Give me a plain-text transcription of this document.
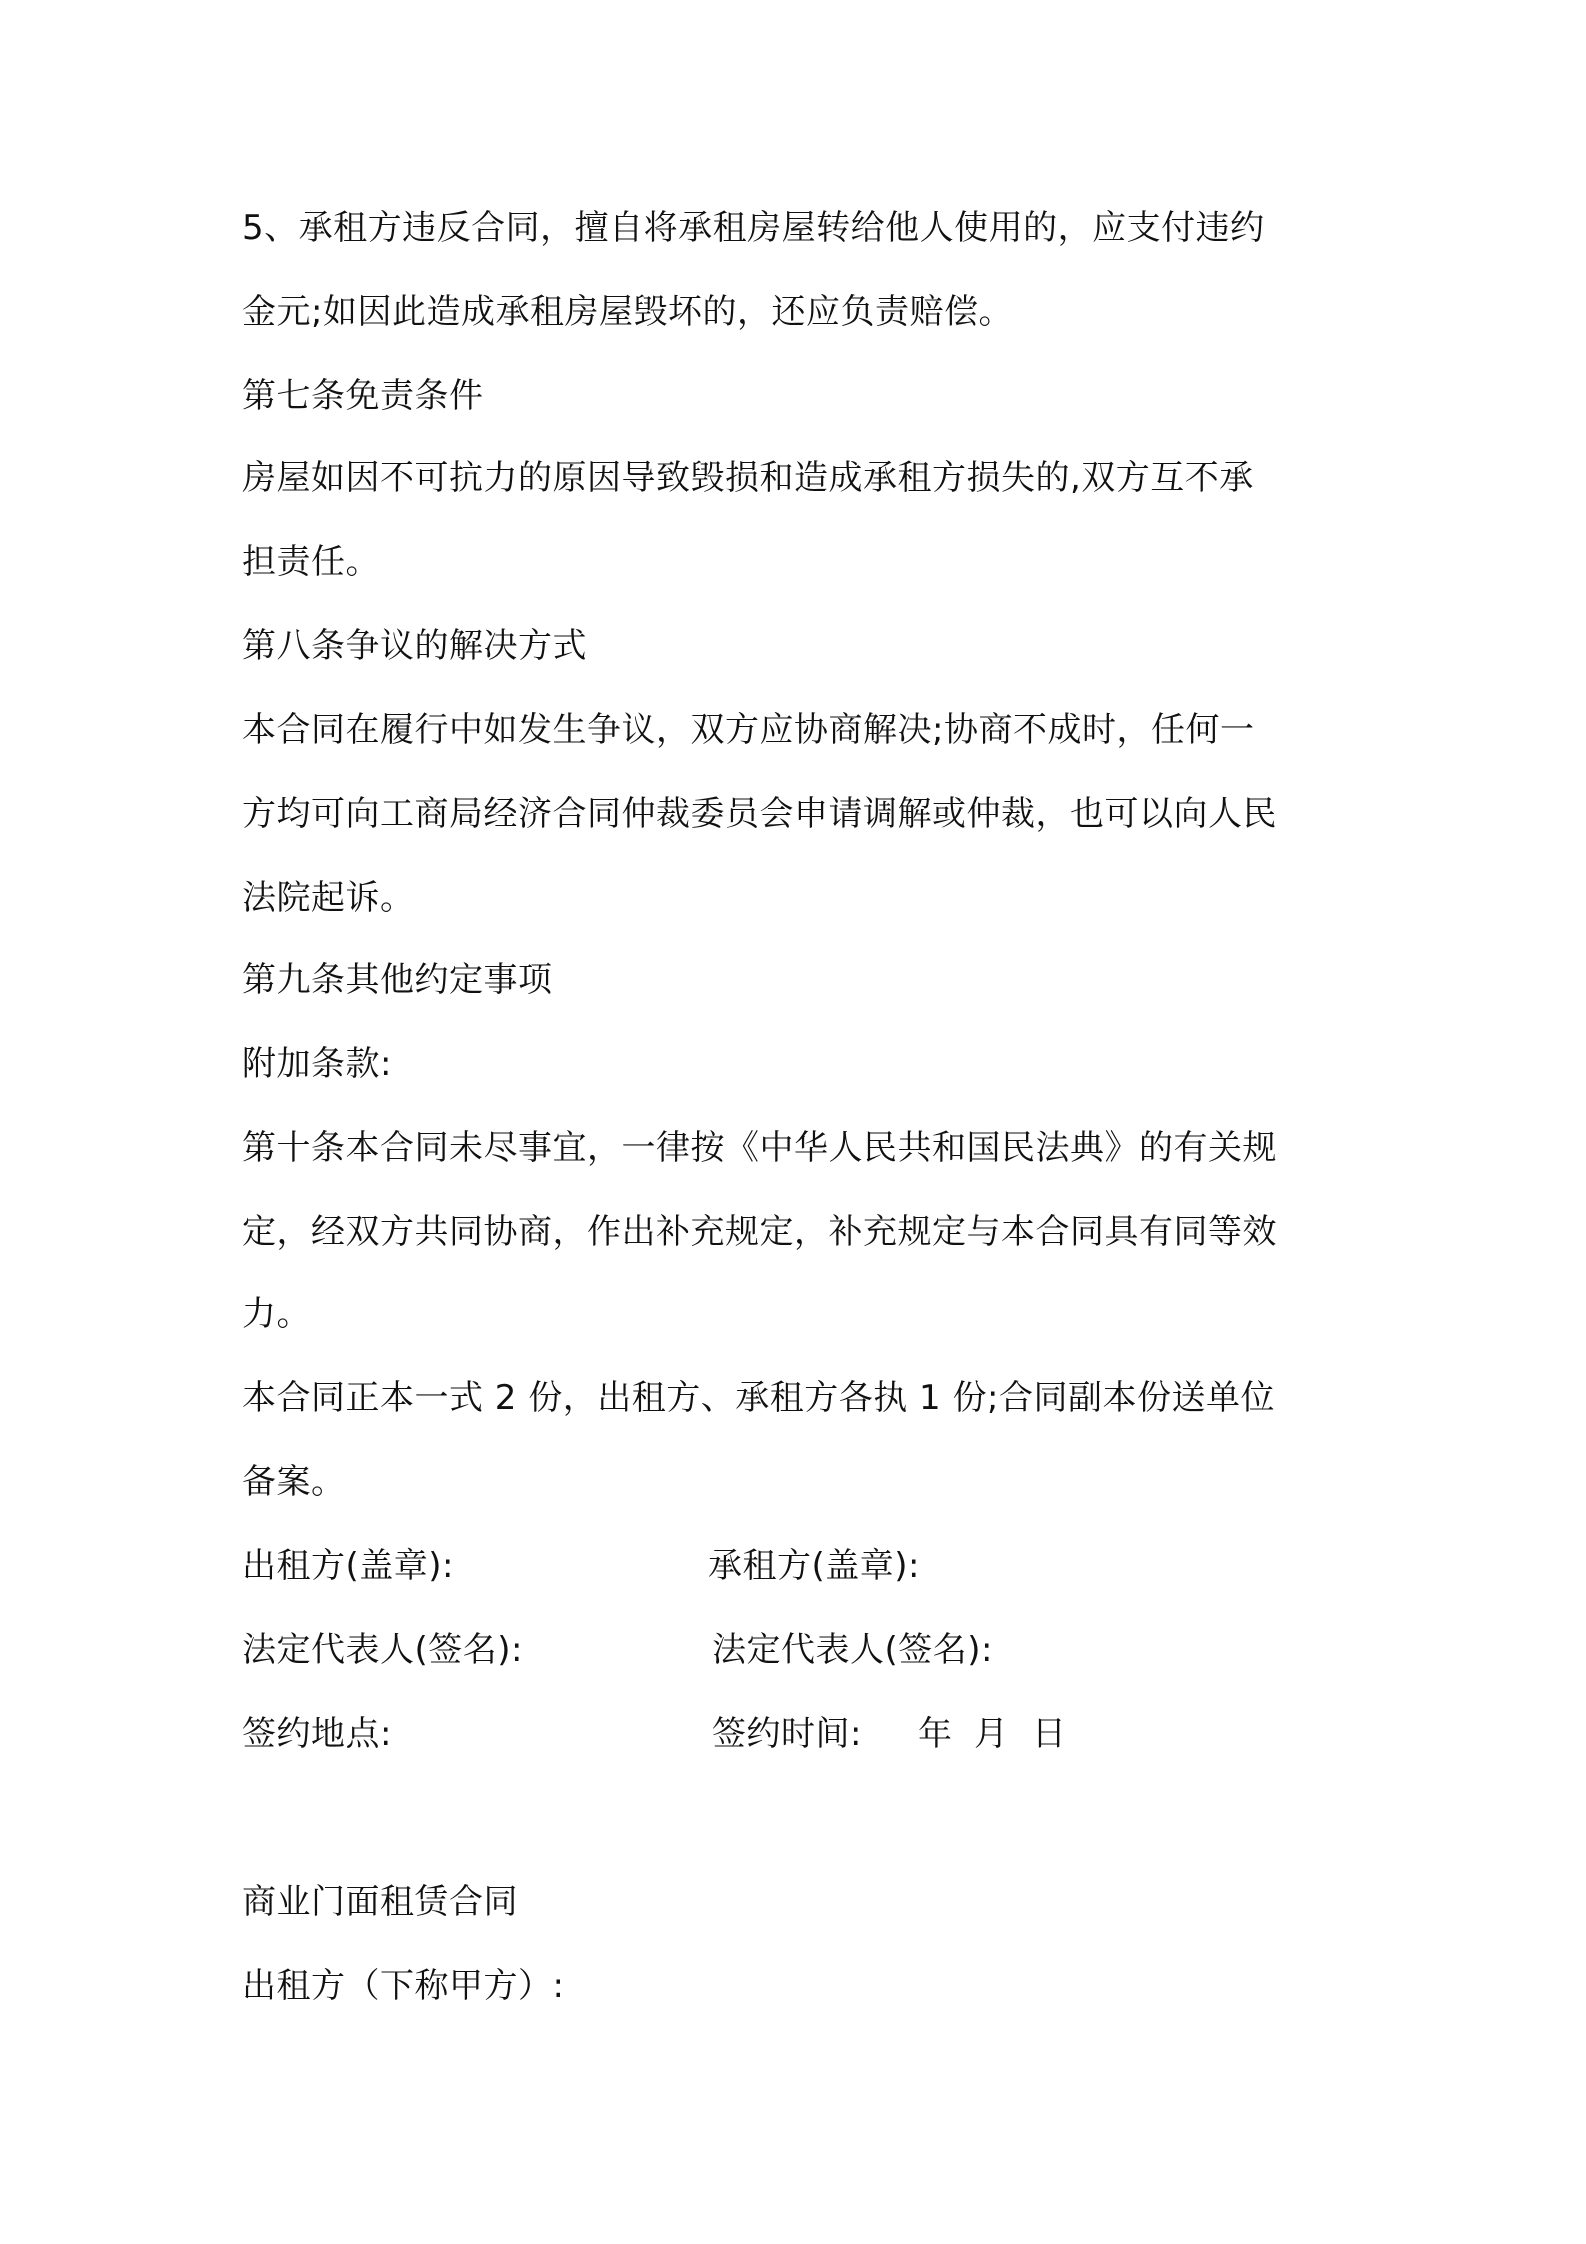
5、承租方违反合同，擅自将承租房屋转给他人使用的，应支付违约
金元;如因此造成承租房屋毁坏的，还应负责赔偿。
第七条免责条件
房屋如因不可抗力的原因导致毁损和造成承租方损失的,双方互不承
担责任。
第八条争议的解决方式
本合同在履行中如发生争议，双方应协商解决;协商不成时，任何一
方均可向工商局经济合同仲裁委员会申请调解或仲裁，也可以向人民
法院起诉。
第九条其他约定事项
附加条款:
第十条本合同未尽事宜，一律按《中华人民共和国民法典》的有关规
定，经双方共同协商，作出补充规定，补充规定与本合同具有同等效
力。
本合同正本一式 2 份，出租方、承租方各执 1 份;合同副本份送单位
备案。
出租方(盖章):	承租方(盖章):
法定代表人(签名):	法定代表人(签名):
签约地点:	签约时间: 年 月 日
商业门面租赁合同
出租方（下称甲方）:
